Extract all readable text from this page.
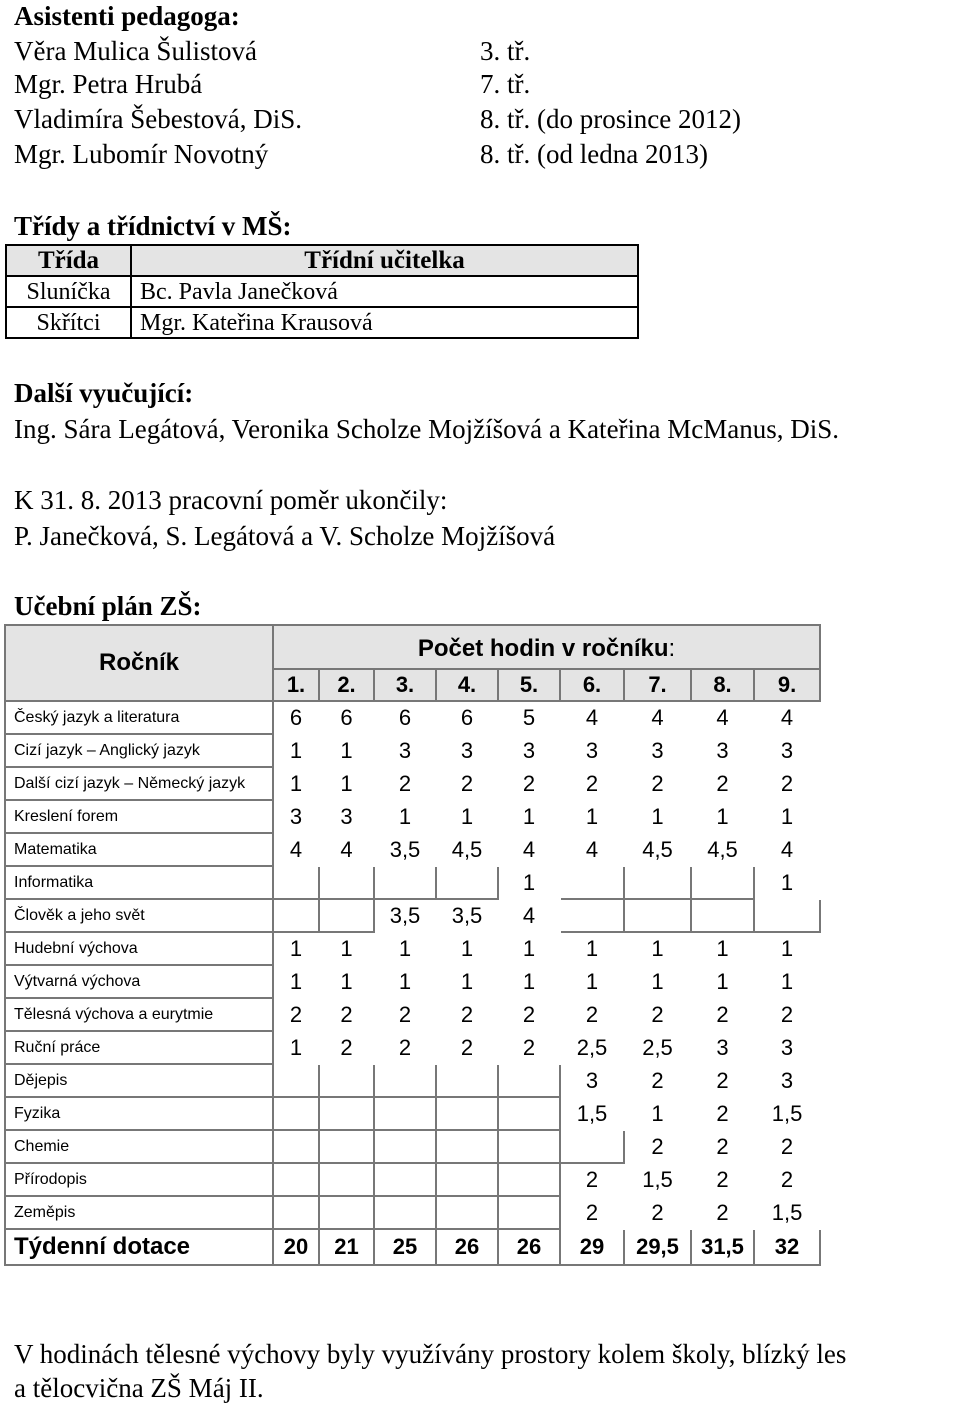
Asistenti pedagoga:
Věra Mulica Šulistová	3. tř.
Mgr. Petra Hrubá	7. tř.
Vladimíra Šebestová, DiS.	8. tř. (do prosince 2012)
Mgr. Lubomír Novotný	8. tř. (od ledna 2013)
Třídy a třídnictví v MŠ:
Třída	Třídní učitelka
Sluníčka	Bc. Pavla Janečková
Skřítci	Mgr. Kateřina Krausová
Další vyučující:
Ing. Sára Legátová, Veronika Scholze Mojžíšová a Kateřina McManus, DiS.
K 31. 8. 2013 pracovní poměr ukončily:
P. Janečková, S. Legátová a V. Scholze Mojžíšová
Učební plán ZŠ:
Ročník	Počet hodin v ročníku:								
	1.	2.	3.	4.	5.	6.	7.	8.	9.
Český jazyk a literatura	6	6	6	6	5	4	4	4	4
Cizí jazyk – Anglický jazyk	1	1	3	3	3	3	3	3	3
Další cizí jazyk – Německý jazyk	1	1	2	2	2	2	2	2	2
Kreslení forem	3	3	1	1	1	1	1	1	1
Matematika	4	4	3,5	4,5	4	4	4,5	4,5	4
Informatika					1				1
Člověk a jeho svět			3,5	3,5	4				
Hudební výchova	1	1	1	1	1	1	1	1	1
Výtvarná výchova	1	1	1	1	1	1	1	1	1
Tělesná výchova a eurytmie	2	2	2	2	2	2	2	2	2
Ruční práce	1	2	2	2	2	2,5	2,5	3	3
Dějepis						3	2	2	3
Fyzika						1,5	1	2	1,5
Chemie							2	2	2
Přírodopis						2	1,5	2	2
Zeměpis						2	2	2	1,5
Týdenní dotace	20	21	25	26	26	29	29,5	31,5	32
V hodinách tělesné výchovy byly využívány prostory kolem školy, blízký les
a tělocvična ZŠ Máj II.
